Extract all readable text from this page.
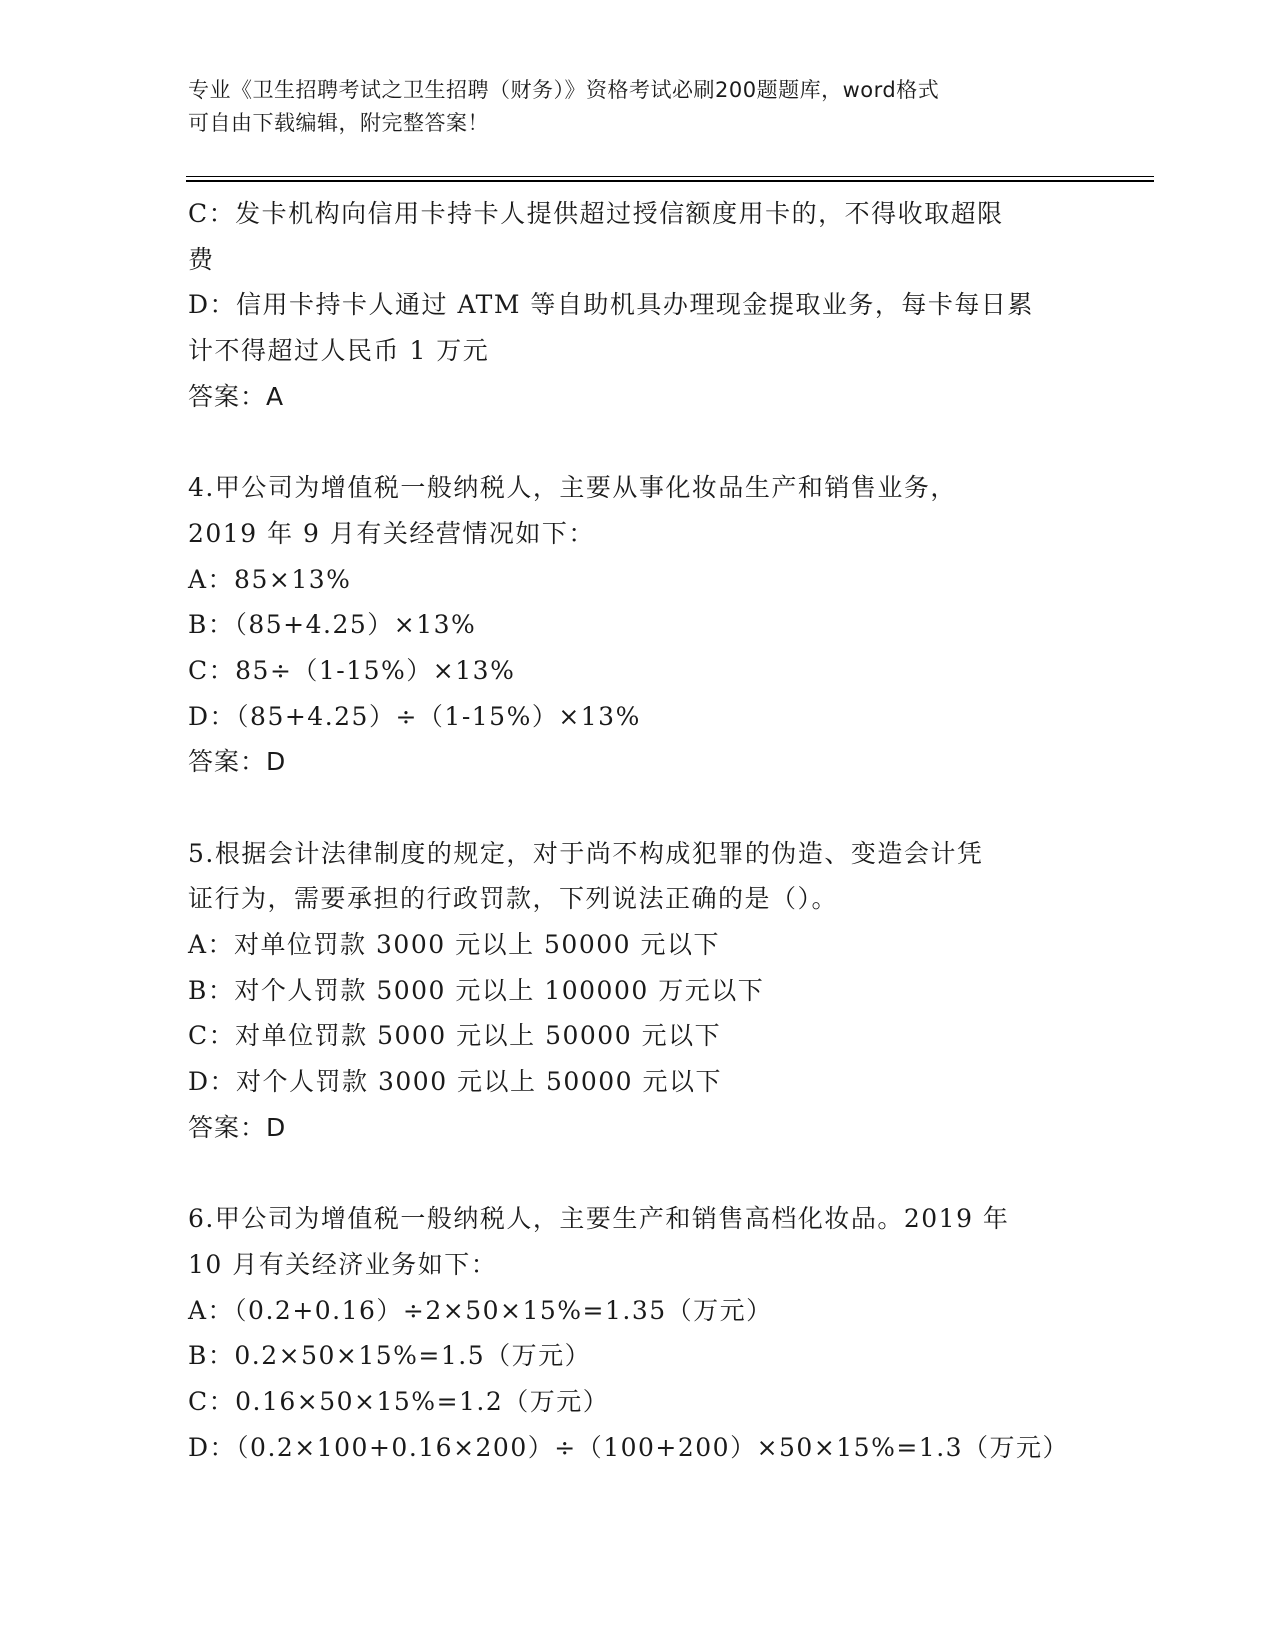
专业《卫生招聘考试之卫生招聘（财务）》资格考试必刷200题题库，word格式
可自由下载编辑，附完整答案！
C：发卡机构向信用卡持卡人提供超过授信额度用卡的，不得收取超限
费
D：信用卡持卡人通过 ATM 等自助机具办理现金提取业务，每卡每日累
计不得超过人民币 1 万元
答案：A
4.甲公司为增值税一般纳税人，主要从事化妆品生产和销售业务，
2019 年 9 月有关经营情况如下：
A：85×13%
B：（85+4.25）×13%
C：85÷（1-15%）×13%
D：（85+4.25）÷（1-15%）×13%
答案：D
5.根据会计法律制度的规定，对于尚不构成犯罪的伪造、变造会计凭
证行为，需要承担的行政罚款，下列说法正确的是（）。
A：对单位罚款 3000 元以上 50000 元以下
B：对个人罚款 5000 元以上 100000 万元以下
C：对单位罚款 5000 元以上 50000 元以下
D：对个人罚款 3000 元以上 50000 元以下
答案：D
6.甲公司为增值税一般纳税人，主要生产和销售高档化妆品。2019 年
10 月有关经济业务如下：
A：（0.2+0.16）÷2×50×15%=1.35（万元）
B：0.2×50×15%=1.5（万元）
C：0.16×50×15%=1.2（万元）
D：（0.2×100+0.16×200）÷（100+200）×50×15%=1.3（万元）
